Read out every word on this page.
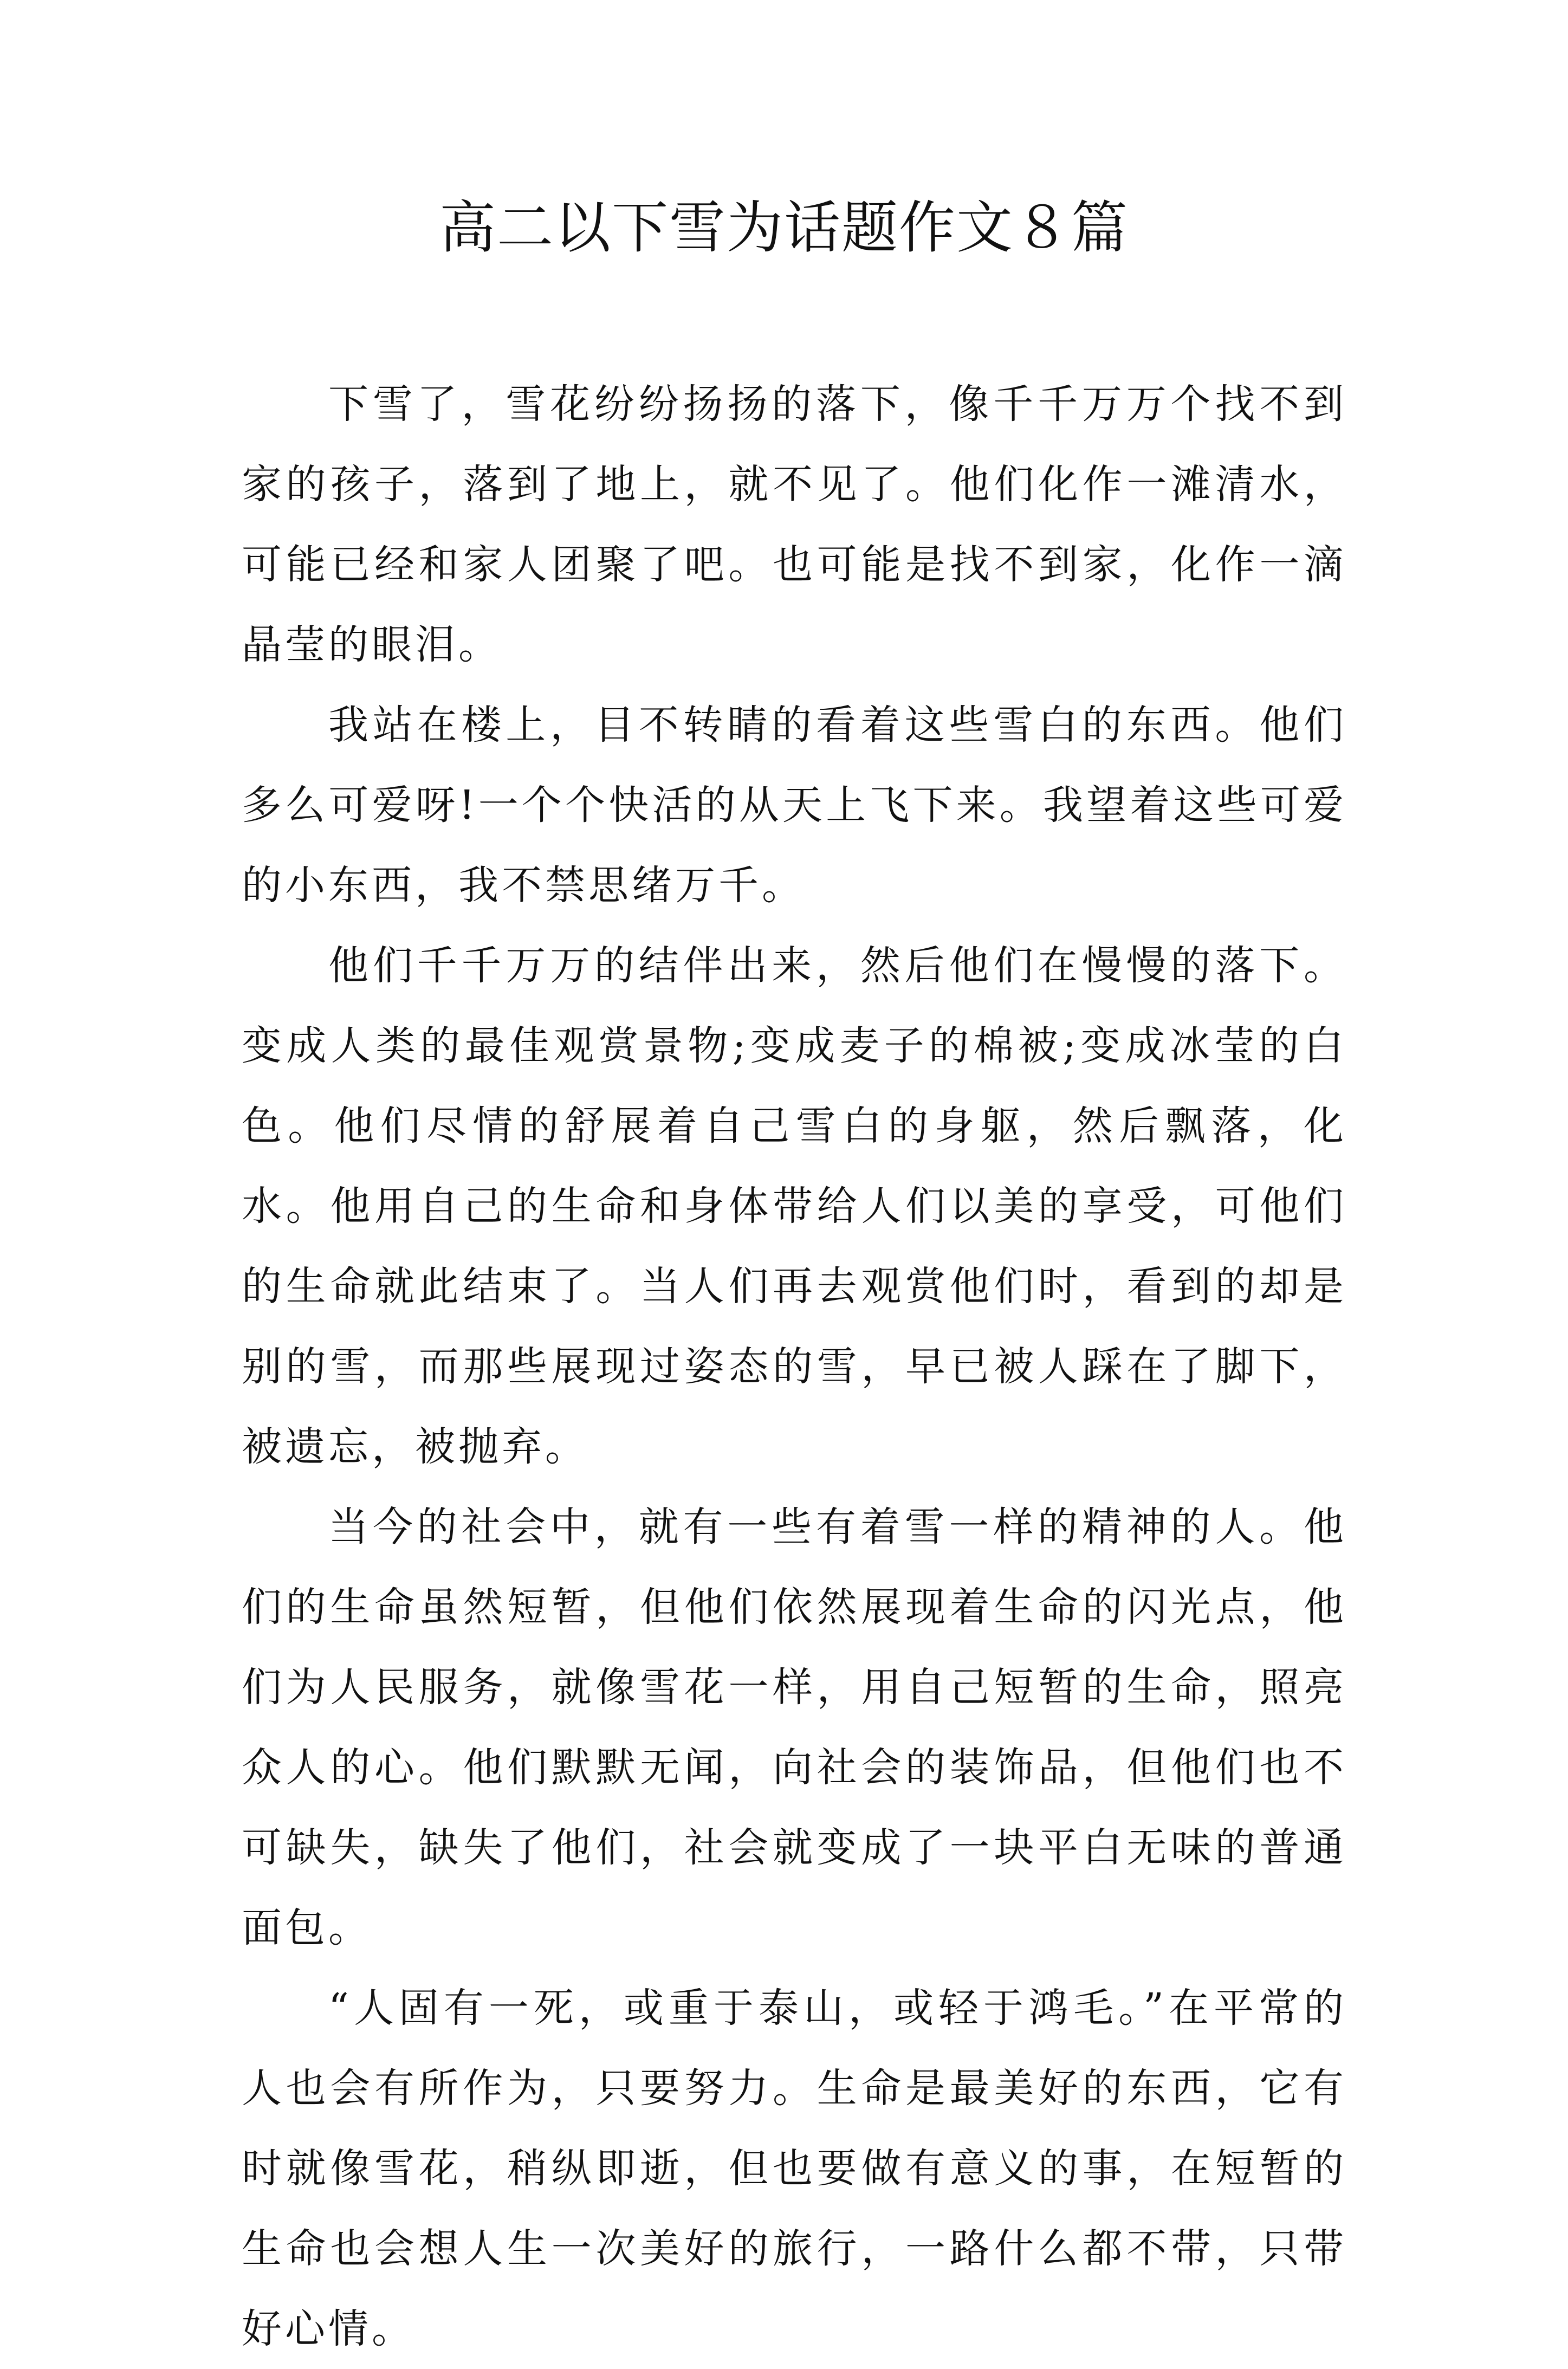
高二以下雪为话题作文８篇

下雪了，雪花纷纷扬扬的落下，像千千万万个找不到家的孩子，落到了地上，就不见了。他们化作一滩清水，可能已经和家人团聚了吧。也可能是找不到家，化作一滴晶莹的眼泪。

我站在楼上，目不转睛的看着这些雪白的东西。他们多么可爱呀!一个个快活的从天上飞下来。我望着这些可爱的小东西，我不禁思绪万千。

他们千千万万的结伴出来，然后他们在慢慢的落下。变成人类的最佳观赏景物;变成麦子的棉被;变成冰莹的白色。他们尽情的舒展着自己雪白的身躯，然后飘落，化水。他用自己的生命和身体带给人们以美的享受，可他们的生命就此结束了。当人们再去观赏他们时，看到的却是别的雪，而那些展现过姿态的雪，早已被人踩在了脚下，被遗忘，被抛弃。

当今的社会中，就有一些有着雪一样的精神的人。他们的生命虽然短暂，但他们依然展现着生命的闪光点，他们为人民服务，就像雪花一样，用自己短暂的生命，照亮众人的心。他们默默无闻，向社会的装饰品，但他们也不可缺失，缺失了他们，社会就变成了一块平白无味的普通面包。

“人固有一死，或重于泰山，或轻于鸿毛。”在平常的人也会有所作为，只要努力。生命是最美好的东西，它有时就像雪花，稍纵即逝，但也要做有意义的事，在短暂的生命也会想人生一次美好的旅行，一路什么都不带，只带好心情。
